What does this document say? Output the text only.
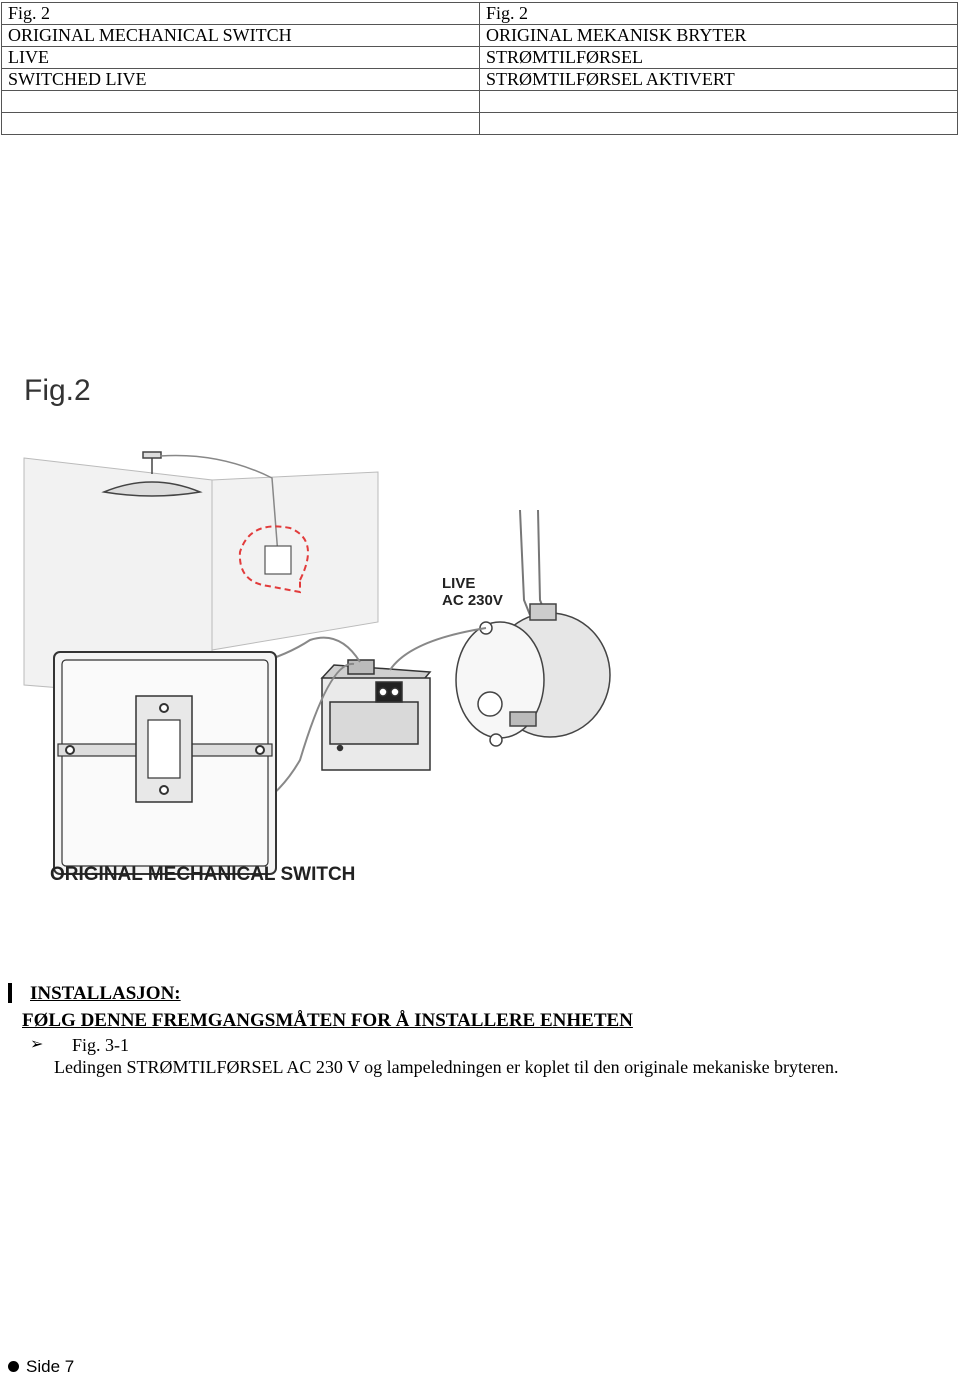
Fig. 2	Fig. 2
ORIGINAL MECHANICAL SWITCH	ORIGINAL MEKANISK BRYTER
LIVE	STRØMTILFØRSEL
SWITCHED LIVE	STRØMTILFØRSEL AKTIVERT

Fig.2
LIVE
AC 230V
ORIGINAL MECHANICAL SWITCH
INSTALLASJON:
FØLG DENNE FREMGANGSMÅTEN FOR Å INSTALLERE ENHETEN
➢ Fig. 3-1
Ledingen STRØMTILFØRSEL AC 230 V og lampeledningen er koplet til den originale mekaniske bryteren.
Side 7
